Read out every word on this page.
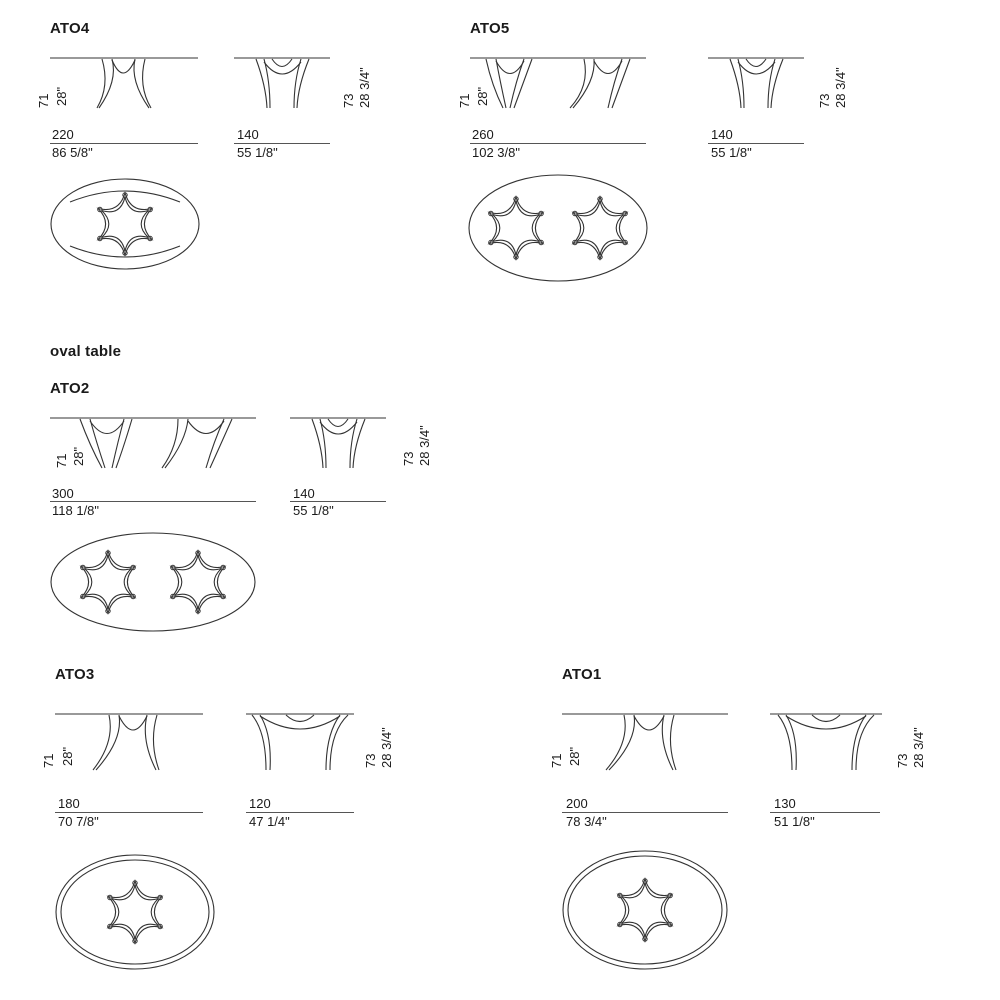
oval table
ATO4
71 28"
220
86 5/8"
140
55 1/8"
73 28 3/4"
ATO5
71 28"
260
102 3/8"
140
55 1/8"
73 28 3/4"
ATO2
71 28"
300
118 1/8"
140
55 1/8"
73 28 3/4"
ATO3
71 28"
180
70 7/8"
120
47 1/4"
73 28 3/4"
ATO1
71 28"
200
78 3/4"
130
51 1/8"
73 28 3/4"
